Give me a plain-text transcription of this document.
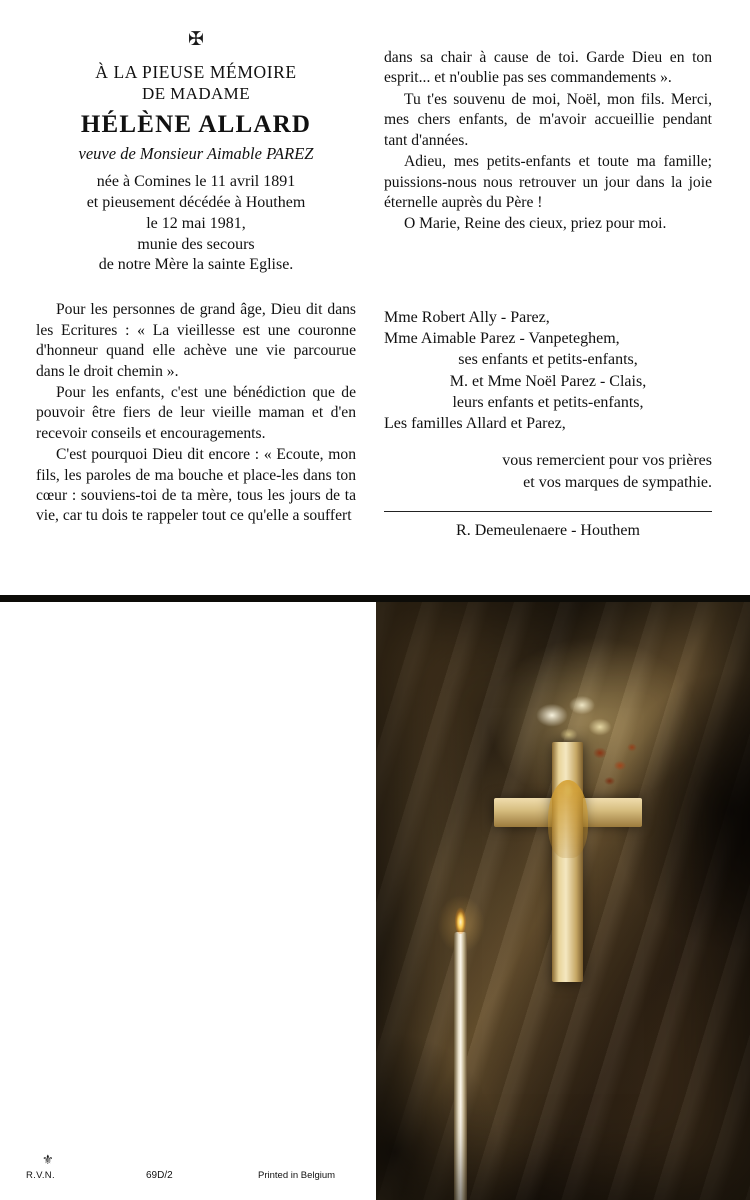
✠
À LA PIEUSE MÉMOIRE
DE MADAME
HÉLÈNE ALLARD
veuve de Monsieur Aimable PAREZ
née à Comines le 11 avril 1891
et pieusement décédée à Houthem
le 12 mai 1981,
munie des secours
de notre Mère la sainte Eglise.

Pour les personnes de grand âge, Dieu dit dans les Ecritures : « La vieillesse est une couronne d'honneur quand elle achève une vie parcourue dans le droit chemin ».

Pour les enfants, c'est une bénédiction que de pouvoir être fiers de leur vieille maman et d'en recevoir conseils et encouragements.

C'est pourquoi Dieu dit encore : « Ecoute, mon fils, les paroles de ma bouche et place-les dans ton cœur : souviens-toi de ta mère, tous les jours de ta vie, car tu dois te rappeler tout ce qu'elle a souffert

dans sa chair à cause de toi. Garde Dieu en ton esprit... et n'oublie pas ses commandements ».

Tu t'es souvenu de moi, Noël, mon fils. Merci, mes chers enfants, de m'avoir accueillie pendant tant d'années.

Adieu, mes petits-enfants et toute ma famille; puissions-nous nous retrouver un jour dans la joie éternelle auprès du Père !

O Marie, Reine des cieux, priez pour moi.

Mme Robert Ally - Parez,
Mme Aimable Parez - Vanpeteghem,
ses enfants et petits-enfants,
M. et Mme Noël Parez - Clais,
leurs enfants et petits-enfants,
Les familles Allard et Parez,
vous remercient pour vos prières
et vos marques de sympathie.
R. Demeulenaere - Houthem
⚜
R.V.N.	69D/2	Printed in Belgium
